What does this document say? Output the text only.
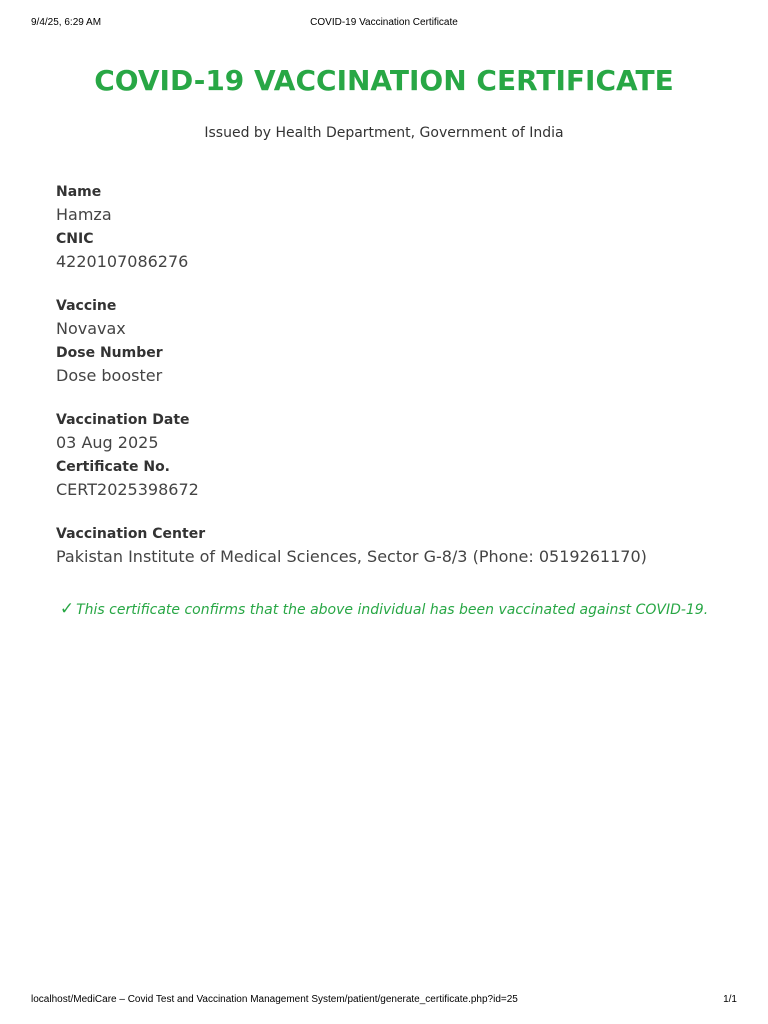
9/4/25, 6:29 AM	COVID-19 Vaccination Certificate
COVID-19 VACCINATION CERTIFICATE
Issued by Health Department, Government of India
Name
Hamza
CNIC
4220107086276
Vaccine
Novavax
Dose Number
Dose booster
Vaccination Date
03 Aug 2025
Certificate No.
CERT2025398672
Vaccination Center
Pakistan Institute of Medical Sciences, Sector G-8/3 (Phone: 0519261170)
✓ This certificate confirms that the above individual has been vaccinated against COVID-19.
localhost/MediCare – Covid Test and Vaccination Management System/patient/generate_certificate.php?id=25	1/1
